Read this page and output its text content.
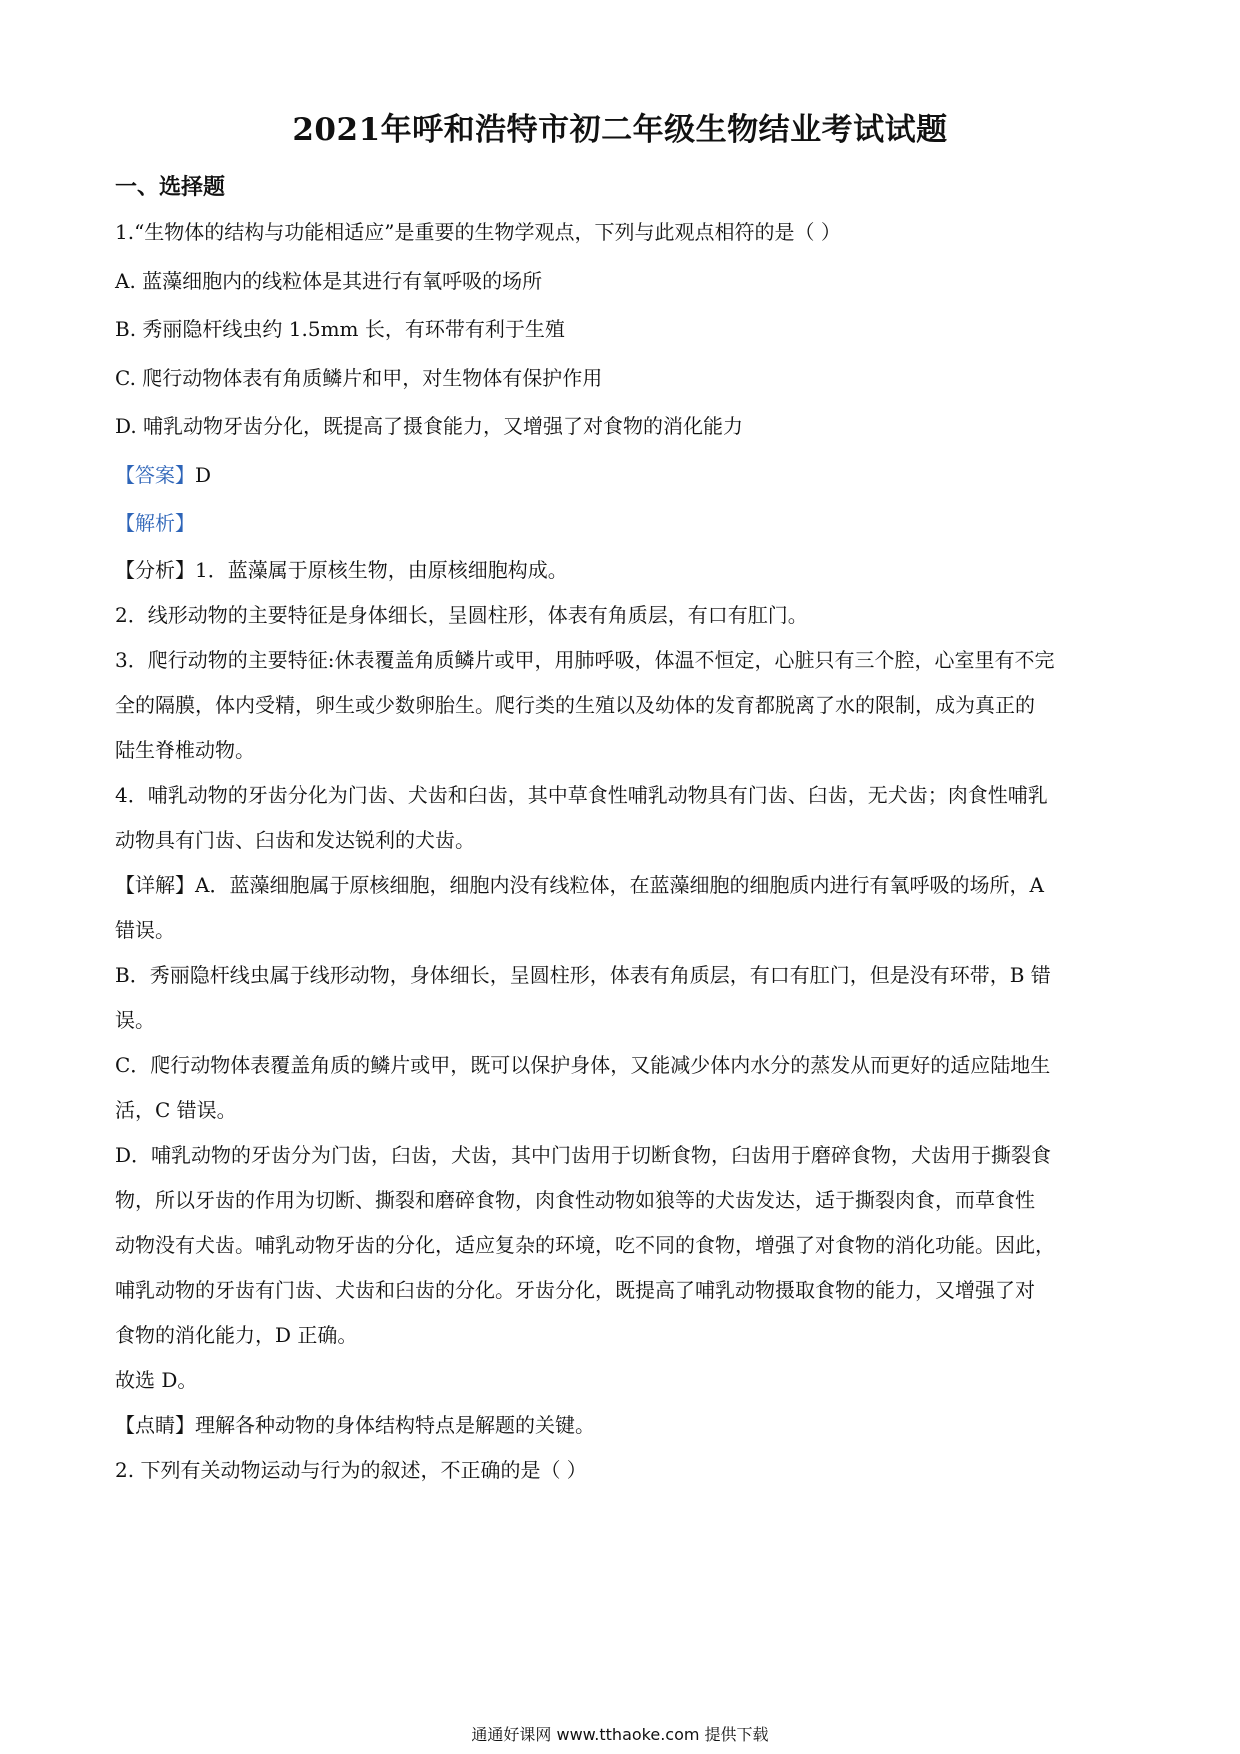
2021年呼和浩特市初二年级生物结业考试试题
一、选择题
1.“生物体的结构与功能相适应”是重要的生物学观点，下列与此观点相符的是（ ）
A. 蓝藻细胞内的线粒体是其进行有氧呼吸的场所
B. 秀丽隐杆线虫约 1.5mm 长，有环带有利于生殖
C. 爬行动物体表有角质鳞片和甲，对生物体有保护作用
D. 哺乳动物牙齿分化，既提高了摄食能力，又增强了对食物的消化能力
【答案】D
【解析】
【分析】1．蓝藻属于原核生物，由原核细胞构成。
2．线形动物的主要特征是身体细长，呈圆柱形，体表有角质层，有口有肛门。
3．爬行动物的主要特征:休表覆盖角质鳞片或甲，用肺呼吸，体温不恒定，心脏只有三个腔，心室里有不完
全的隔膜，体内受精，卵生或少数卵胎生。爬行类的生殖以及幼体的发育都脱离了水的限制，成为真正的
陆生脊椎动物。
4．哺乳动物的牙齿分化为门齿、犬齿和臼齿，其中草食性哺乳动物具有门齿、臼齿，无犬齿；肉食性哺乳
动物具有门齿、臼齿和发达锐利的犬齿。
【详解】A．蓝藻细胞属于原核细胞，细胞内没有线粒体，在蓝藻细胞的细胞质内进行有氧呼吸的场所，A
错误。
B．秀丽隐杆线虫属于线形动物，身体细长，呈圆柱形，体表有角质层，有口有肛门，但是没有环带，B 错
误。
C．爬行动物体表覆盖角质的鳞片或甲，既可以保护身体，又能减少体内水分的蒸发从而更好的适应陆地生
活，C 错误。
D．哺乳动物的牙齿分为门齿，臼齿，犬齿，其中门齿用于切断食物，臼齿用于磨碎食物，犬齿用于撕裂食
物，所以牙齿的作用为切断、撕裂和磨碎食物，肉食性动物如狼等的犬齿发达，适于撕裂肉食，而草食性
动物没有犬齿。哺乳动物牙齿的分化，适应复杂的环境，吃不同的食物，增强了对食物的消化功能。因此，
哺乳动物的牙齿有门齿、犬齿和臼齿的分化。牙齿分化，既提高了哺乳动物摄取食物的能力，又增强了对
食物的消化能力，D 正确。
故选 D。
【点睛】理解各种动物的身体结构特点是解题的关键。
2. 下列有关动物运动与行为的叙述，不正确的是（ ）
通通好课网 www.tthaoke.com 提供下载
